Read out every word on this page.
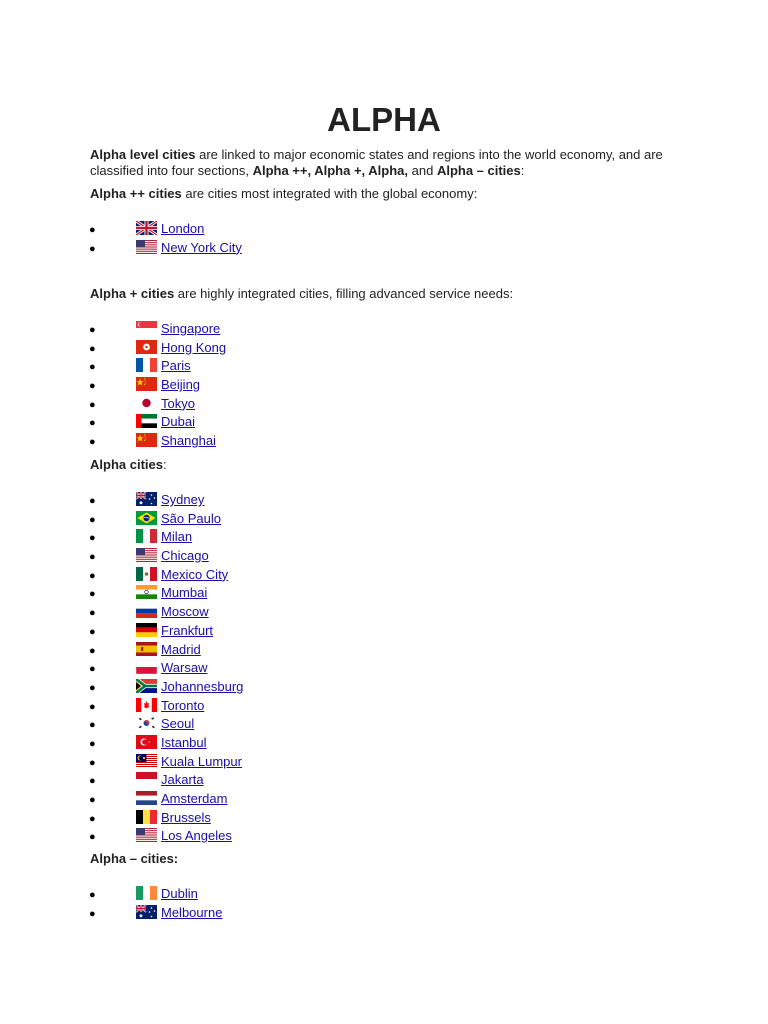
ALPHA

Alpha level cities are linked to major economic states and regions into the world economy, and are classified into four sections, Alpha ++, Alpha +, Alpha, and Alpha – cities:

Alpha ++ cities are cities most integrated with the global economy:

●	London
●	New York City

Alpha + cities are highly integrated cities, filling advanced service needs:

●	Singapore
●	Hong Kong
●	Paris
●	Beijing
●	Tokyo
●	Dubai
●	Shanghai

Alpha cities:

●	Sydney
●	São Paulo
●	Milan
●	Chicago
●	Mexico City
●	Mumbai
●	Moscow
●	Frankfurt
●	Madrid
●	Warsaw
●	Johannesburg
●	Toronto
●	Seoul
●	Istanbul
●	Kuala Lumpur
●	Jakarta
●	Amsterdam
●	Brussels
●	Los Angeles

Alpha – cities:

●	Dublin
●	Melbourne
